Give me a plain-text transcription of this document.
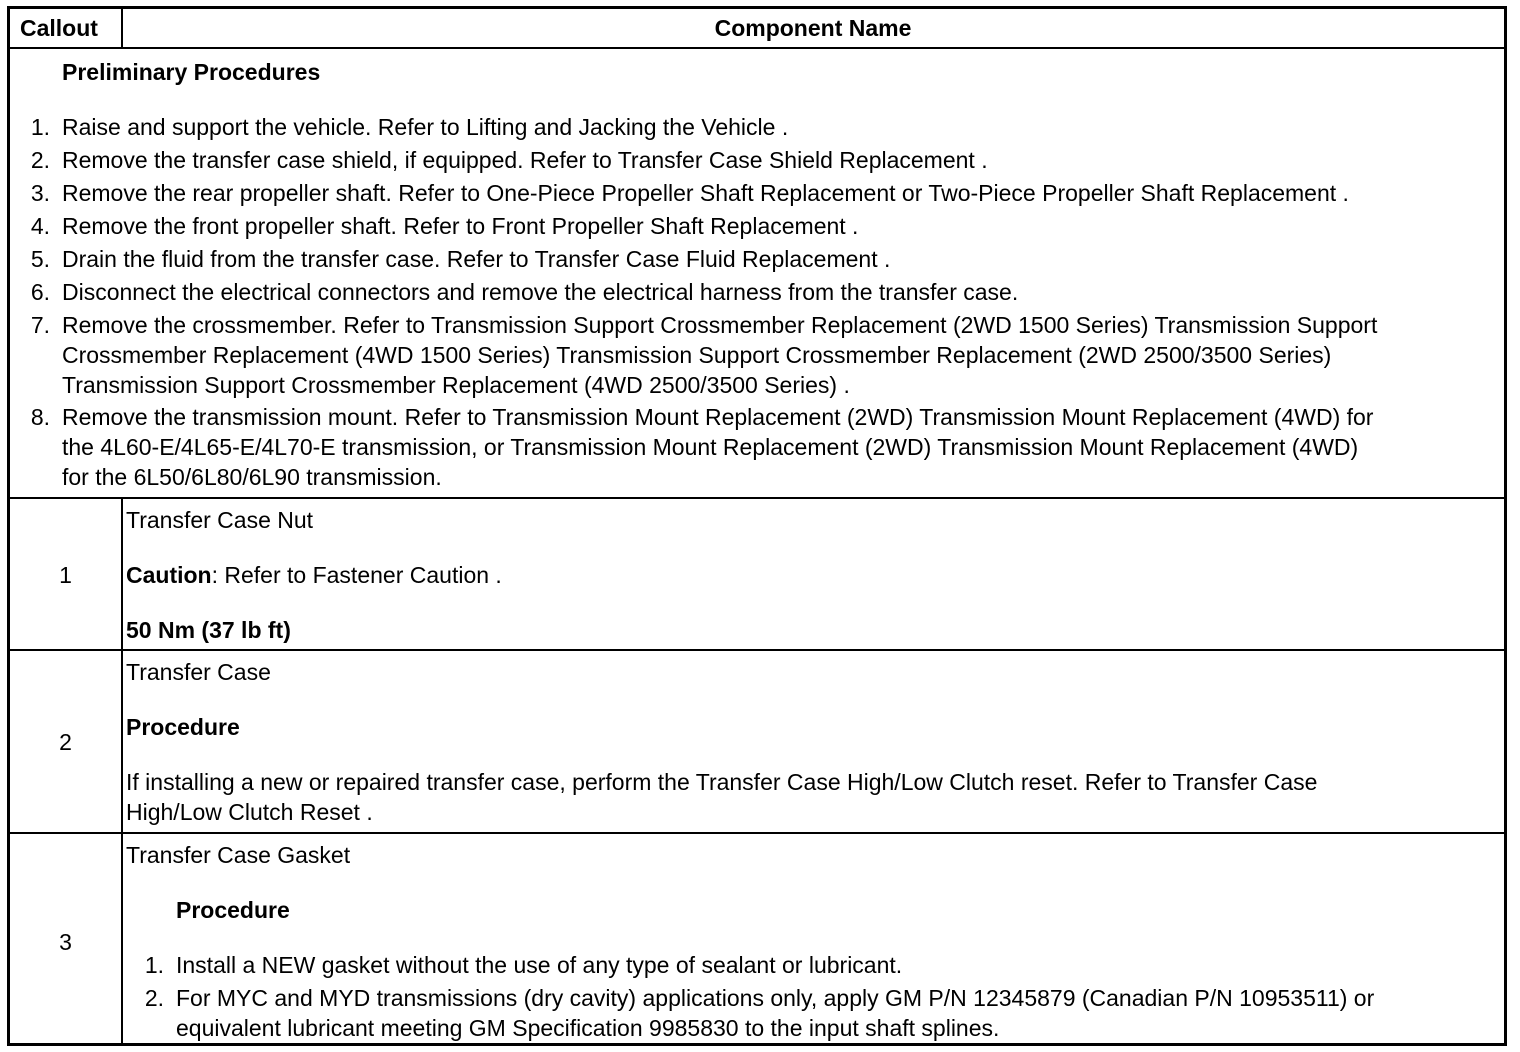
Callout	Component Name
Preliminary Procedures
1. Raise and support the vehicle. Refer to Lifting and Jacking the Vehicle .
2. Remove the transfer case shield, if equipped. Refer to Transfer Case Shield Replacement .
3. Remove the rear propeller shaft. Refer to One-Piece Propeller Shaft Replacement or Two-Piece Propeller Shaft Replacement .
4. Remove the front propeller shaft. Refer to Front Propeller Shaft Replacement .
5. Drain the fluid from the transfer case. Refer to Transfer Case Fluid Replacement .
6. Disconnect the electrical connectors and remove the electrical harness from the transfer case.
7. Remove the crossmember. Refer to Transmission Support Crossmember Replacement (2WD 1500 Series) Transmission Support
Crossmember Replacement (4WD 1500 Series) Transmission Support Crossmember Replacement (2WD 2500/3500 Series)
Transmission Support Crossmember Replacement (4WD 2500/3500 Series) .
8. Remove the transmission mount. Refer to Transmission Mount Replacement (2WD) Transmission Mount Replacement (4WD) for
the 4L60-E/4L65-E/4L70-E transmission, or Transmission Mount Replacement (2WD) Transmission Mount Replacement (4WD)
for the 6L50/6L80/6L90 transmission.
1
Transfer Case Nut
Caution: Refer to Fastener Caution .
50 Nm (37 lb ft)
2
Transfer Case
Procedure
If installing a new or repaired transfer case, perform the Transfer Case High/Low Clutch reset. Refer to Transfer Case
High/Low Clutch Reset .
3
Transfer Case Gasket
Procedure
1. Install a NEW gasket without the use of any type of sealant or lubricant.
2. For MYC and MYD transmissions (dry cavity) applications only, apply GM P/N 12345879 (Canadian P/N 10953511) or
equivalent lubricant meeting GM Specification 9985830 to the input shaft splines.
